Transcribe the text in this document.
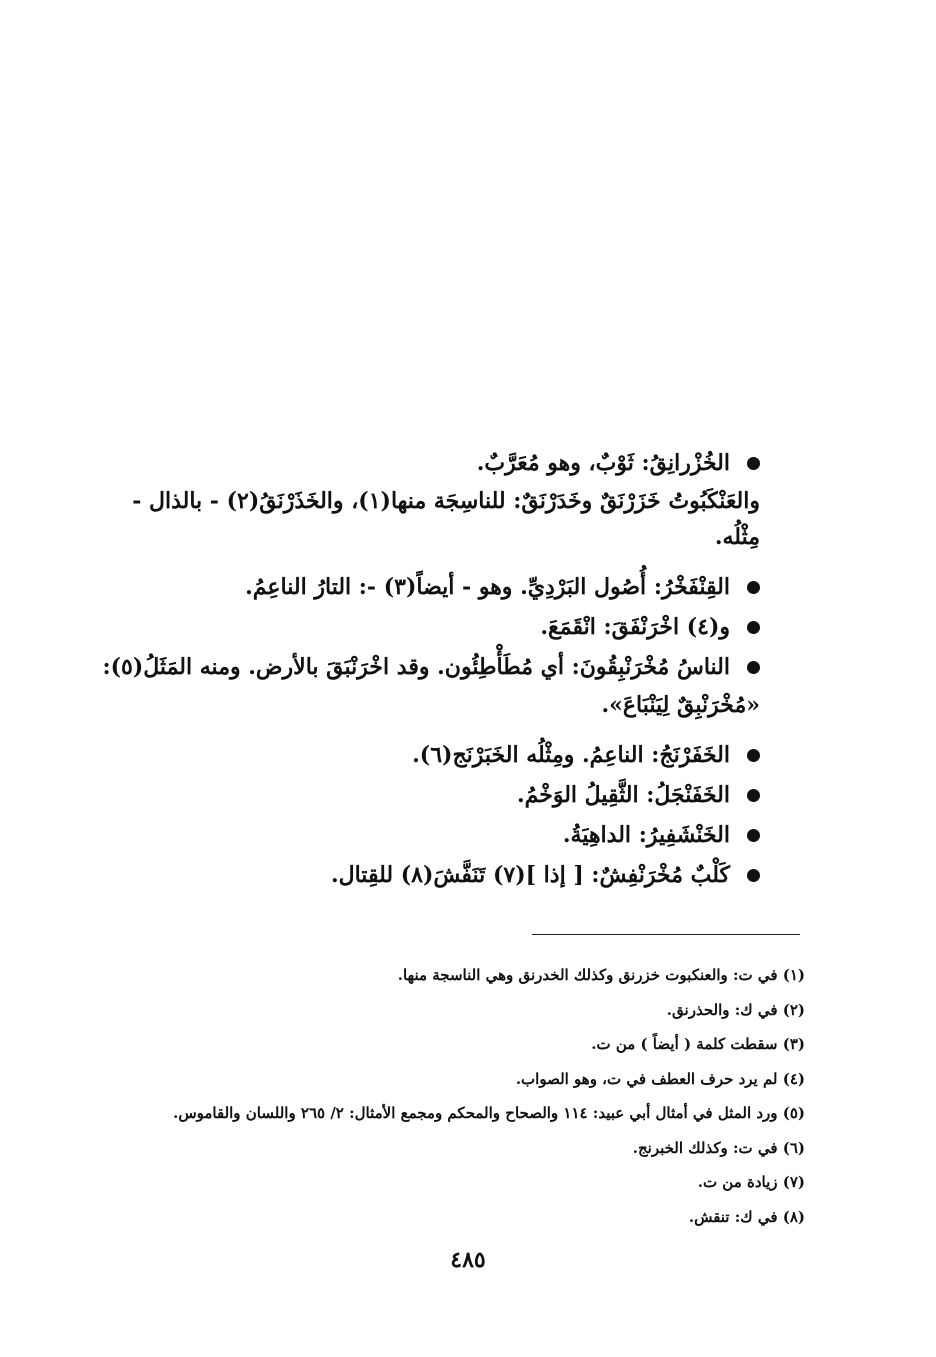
الخُزْرانِقُ: ثَوْبٌ، وهو مُعَرَّبٌ.
والعَنْكَبُوتُ خَزَرْنَقٌ وخَدَرْنَقٌ: للناسِجَة منها(١)، والخَذَرْنَقُ(٢) - بالذال - مِثْلُه.
القِنْفَخْرُ: أُصُول البَرْدِيِّ. وهو - أيضاً(٣) -: التارُ الناعِمُ.
و(٤) اخْرَنْفَقَ: انْقَمَعَ.
الناسُ مُخْرَنْبِقُونَ: أي مُطَأْطِئُون. وقد اخْرَنْبَقَ بالأرض. ومنه المَثَلُ(٥):
«مُخْرَنْبِقٌ لِيَنْبَاعَ».
الخَفَرْنَجُ: الناعِمُ. ومِثْلُه الخَبَرْنَج(٦).
الخَفَنْجَلُ: الثَّقِيلُ الوَخْمُ.
الخَنْشَفِيرُ: الداهِيَةُ.
كَلْبٌ مُخْرَنْفِشٌ: [ إذا ](٧) تَنَفَّشَ(٨) للقِتال.
(١) في ت: والعنكبوت خزرنق وكذلك الخدرنق وهي الناسجة منها.
(٢) في ك: والحذرنق.
(٣) سقطت كلمة ( أيضاً ) من ت.
(٤) لم يرد حرف العطف في ت، وهو الصواب.
(٥) ورد المثل في أمثال أبي عبيد: ١١٤ والصحاح والمحكم ومجمع الأمثال: ٢/ ٢٦٥ واللسان والقاموس.
(٦) في ت: وكذلك الخبرنج.
(٧) زيادة من ت.
(٨) في ك: تنقش.
٤٨٥
